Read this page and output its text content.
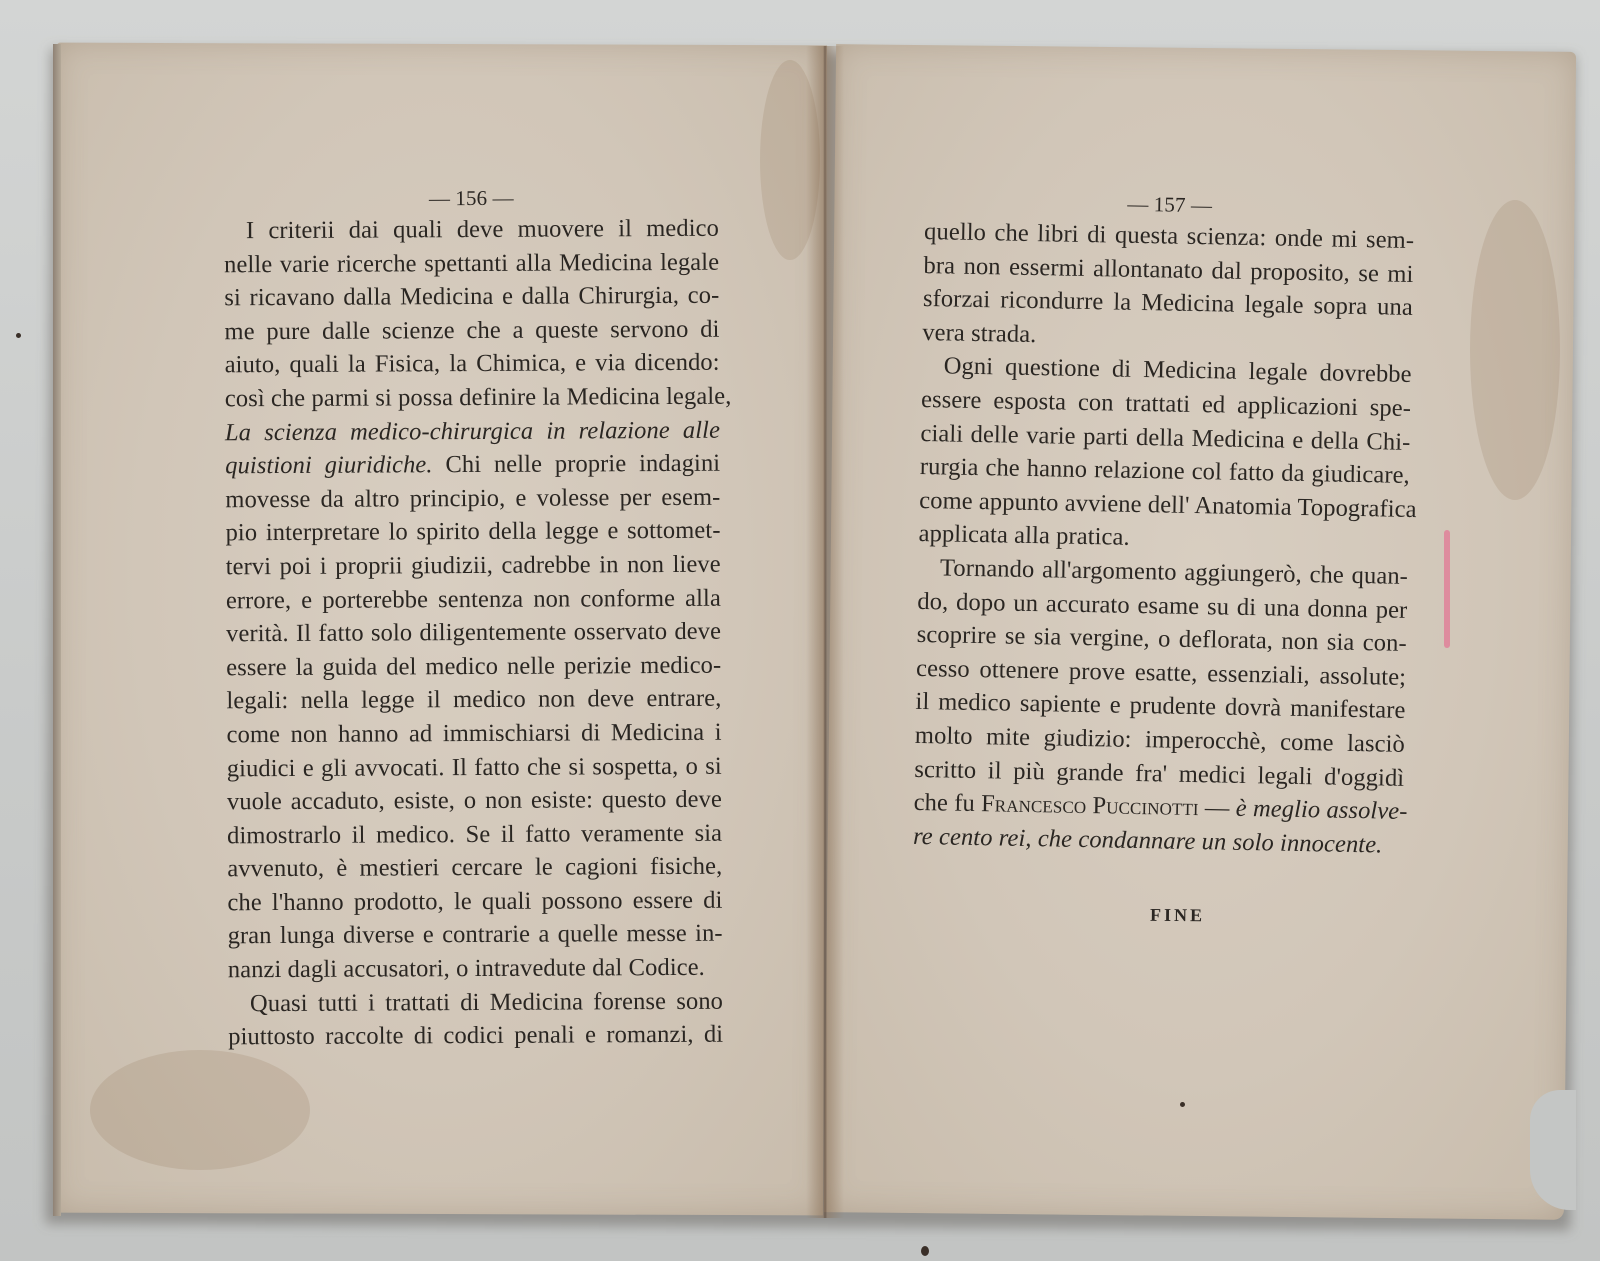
— 156 —
I criterii dai quali deve muovere il medico
nelle varie ricerche spettanti alla Medicina legale
si ricavano dalla Medicina e dalla Chirurgia, co-
me pure dalle scienze che a queste servono di
aiuto, quali la Fisica, la Chimica, e via dicendo:
così che parmi si possa definire la Medicina legale,
La scienza medico-chirurgica in relazione alle
quistioni giuridiche. Chi nelle proprie indagini
movesse da altro principio, e volesse per esem-
pio interpretare lo spirito della legge e sottomet-
tervi poi i proprii giudizii, cadrebbe in non lieve
errore, e porterebbe sentenza non conforme alla
verità. Il fatto solo diligentemente osservato deve
essere la guida del medico nelle perizie medico-
legali: nella legge il medico non deve entrare,
come non hanno ad immischiarsi di Medicina i
giudici e gli avvocati. Il fatto che si sospetta, o si
vuole accaduto, esiste, o non esiste: questo deve
dimostrarlo il medico. Se il fatto veramente sia
avvenuto, è mestieri cercare le cagioni fisiche,
che l'hanno prodotto, le quali possono essere di
gran lunga diverse e contrarie a quelle messe in-
nanzi dagli accusatori, o intravedute dal Codice.
Quasi tutti i trattati di Medicina forense sono
piuttosto raccolte di codici penali e romanzi, di
— 157 —
quello che libri di questa scienza: onde mi sem-
bra non essermi allontanato dal proposito, se mi
sforzai ricondurre la Medicina legale sopra una
vera strada.
Ogni questione di Medicina legale dovrebbe
essere esposta con trattati ed applicazioni spe-
ciali delle varie parti della Medicina e della Chi-
rurgia che hanno relazione col fatto da giudicare,
come appunto avviene dell' Anatomia Topografica
applicata alla pratica.
Tornando all'argomento aggiungerò, che quan-
do, dopo un accurato esame su di una donna per
scoprire se sia vergine, o deflorata, non sia con-
cesso ottenere prove esatte, essenziali, assolute;
il medico sapiente e prudente dovrà manifestare
molto mite giudizio: imperocchè, come lasciò
scritto il più grande fra' medici legali d'oggidì
che fu Francesco Puccinotti — è meglio assolve-
re cento rei, che condannare un solo innocente.
FINE
